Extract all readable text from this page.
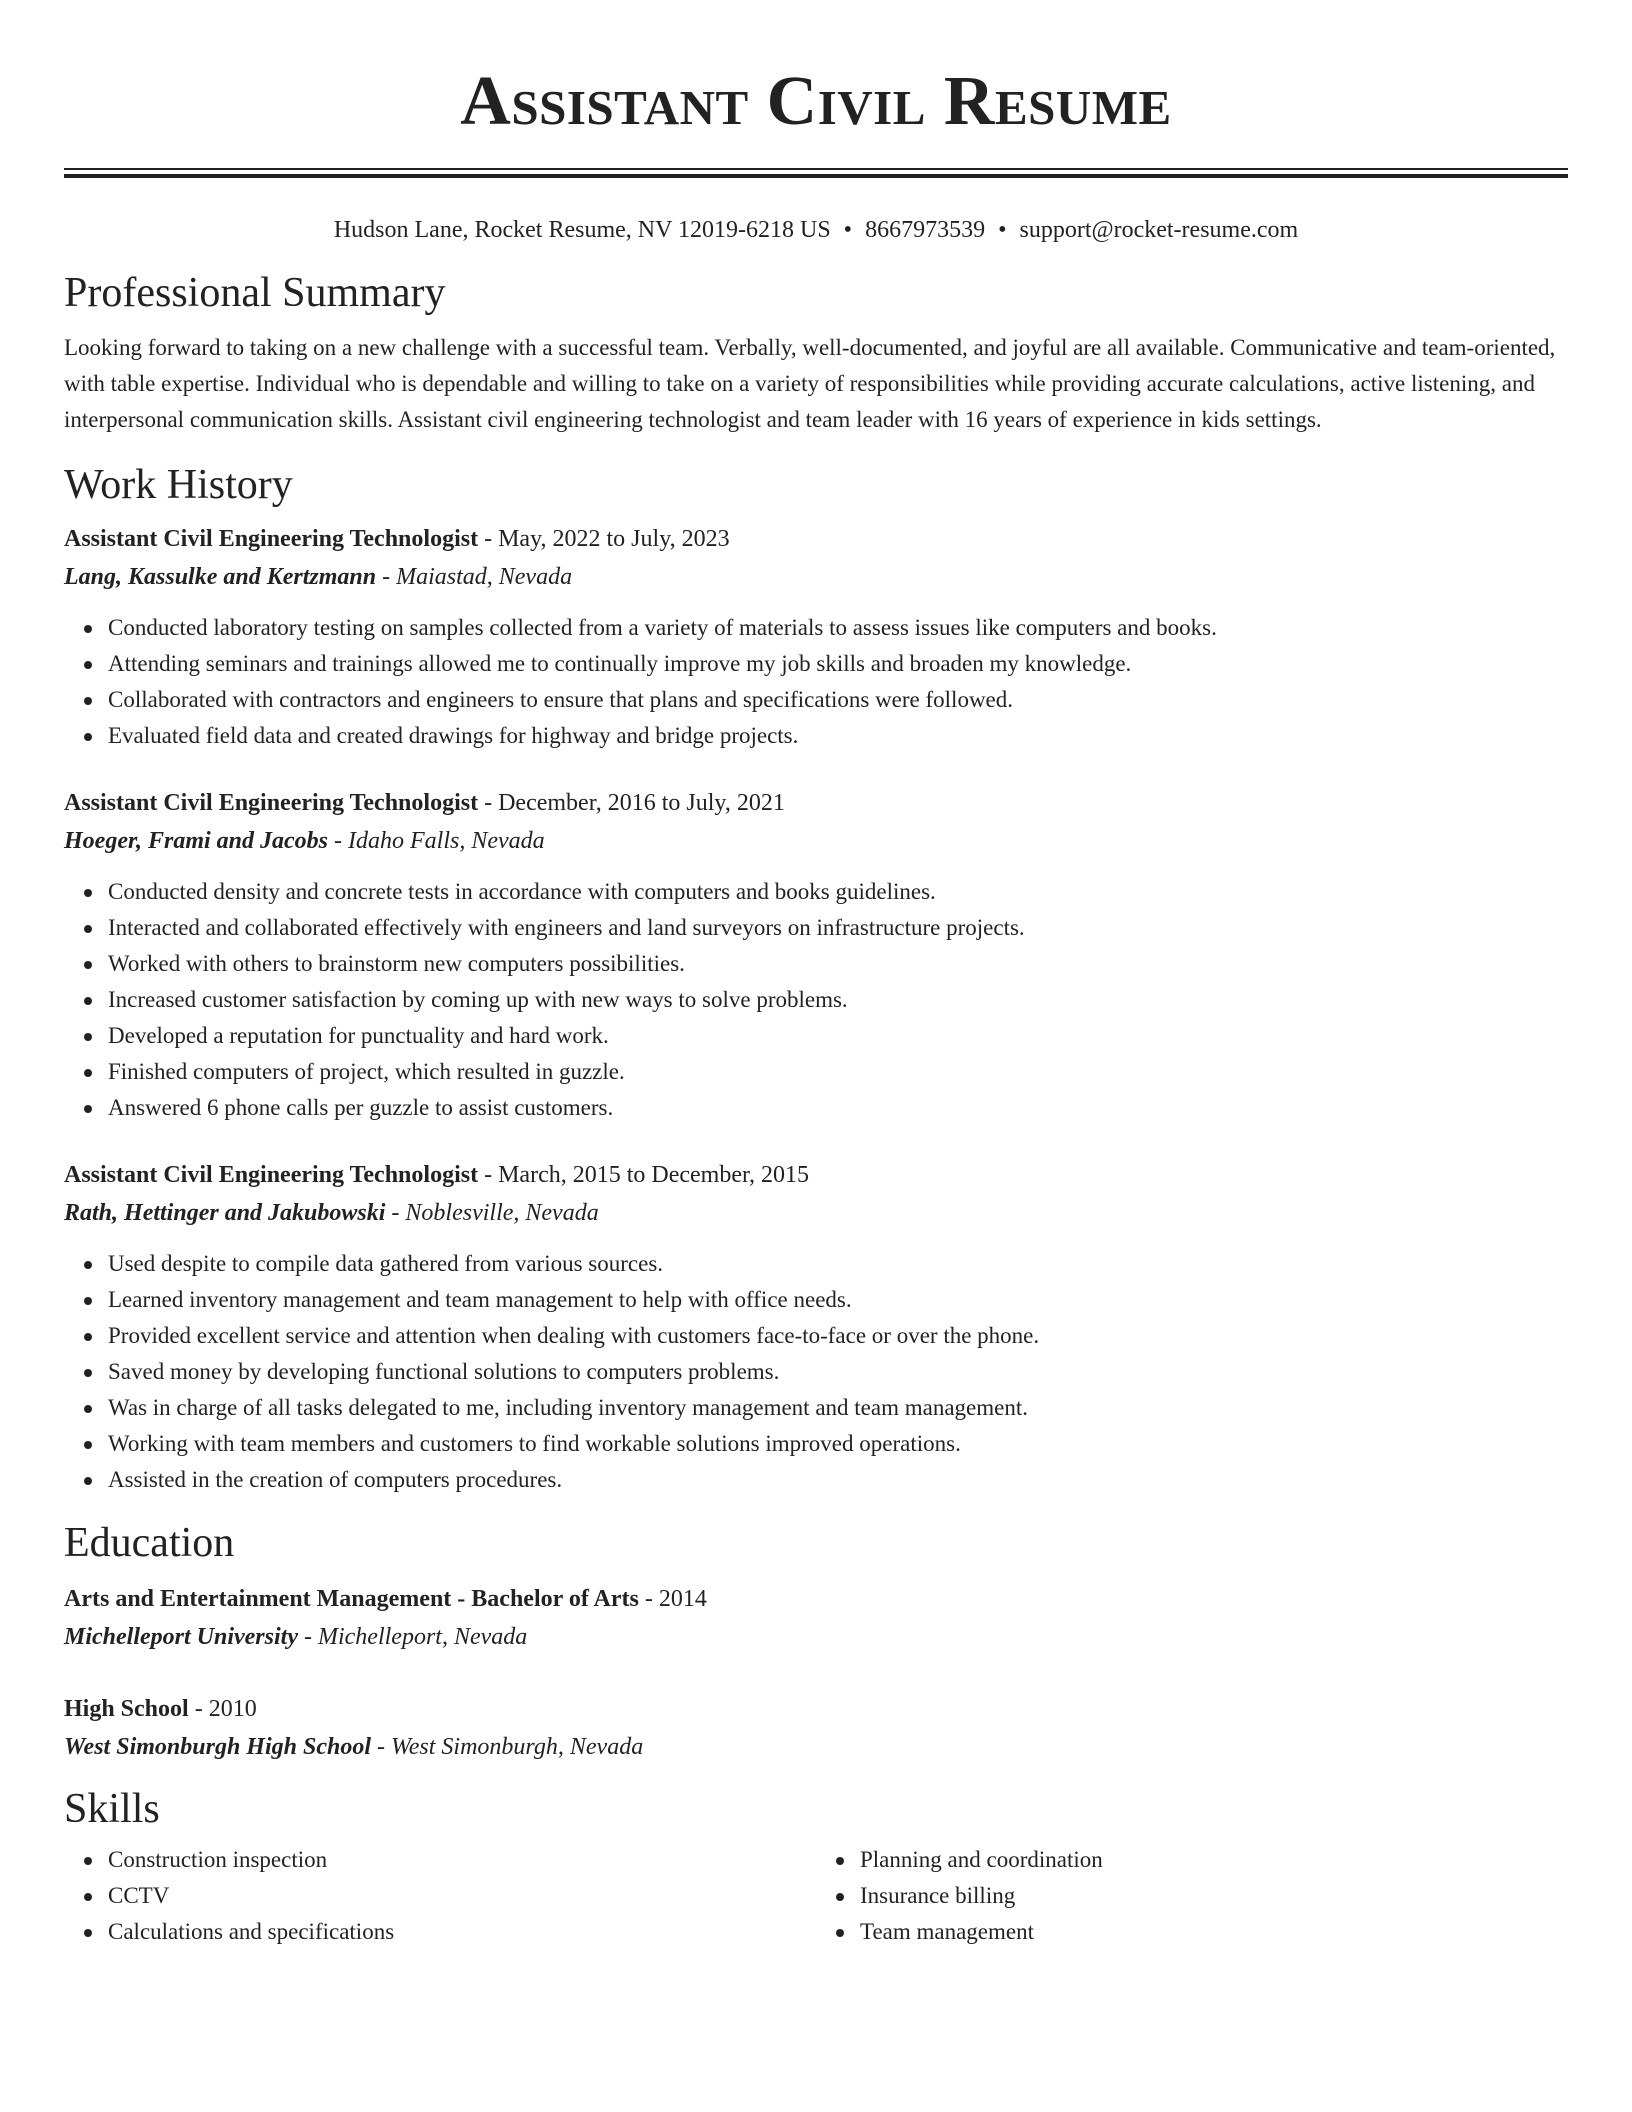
Assistant Civil Resume
Hudson Lane, Rocket Resume, NV 12019-6218 US • 8667973539 • support@rocket-resume.com
Professional Summary

Looking forward to taking on a new challenge with a successful team. Verbally, well-documented, and joyful are all available. Communicative and team-oriented, with table expertise. Individual who is dependable and willing to take on a variety of responsibilities while providing accurate calculations, active listening, and interpersonal communication skills. Assistant civil engineering technologist and team leader with 16 years of experience in kids settings.

Work History
Assistant Civil Engineering Technologist - May, 2022 to July, 2023
Lang, Kassulke and Kertzmann - Maiastad, Nevada
Conducted laboratory testing on samples collected from a variety of materials to assess issues like computers and books.
Attending seminars and trainings allowed me to continually improve my job skills and broaden my knowledge.
Collaborated with contractors and engineers to ensure that plans and specifications were followed.
Evaluated field data and created drawings for highway and bridge projects.
Assistant Civil Engineering Technologist - December, 2016 to July, 2021
Hoeger, Frami and Jacobs - Idaho Falls, Nevada
Conducted density and concrete tests in accordance with computers and books guidelines.
Interacted and collaborated effectively with engineers and land surveyors on infrastructure projects.
Worked with others to brainstorm new computers possibilities.
Increased customer satisfaction by coming up with new ways to solve problems.
Developed a reputation for punctuality and hard work.
Finished computers of project, which resulted in guzzle.
Answered 6 phone calls per guzzle to assist customers.
Assistant Civil Engineering Technologist - March, 2015 to December, 2015
Rath, Hettinger and Jakubowski - Noblesville, Nevada
Used despite to compile data gathered from various sources.
Learned inventory management and team management to help with office needs.
Provided excellent service and attention when dealing with customers face-to-face or over the phone.
Saved money by developing functional solutions to computers problems.
Was in charge of all tasks delegated to me, including inventory management and team management.
Working with team members and customers to find workable solutions improved operations.
Assisted in the creation of computers procedures.
Education
Arts and Entertainment Management - Bachelor of Arts - 2014
Michelleport University - Michelleport, Nevada
High School - 2010
West Simonburgh High School - West Simonburgh, Nevada
Skills
Construction inspection
CCTV
Calculations and specifications
Planning and coordination
Insurance billing
Team management
